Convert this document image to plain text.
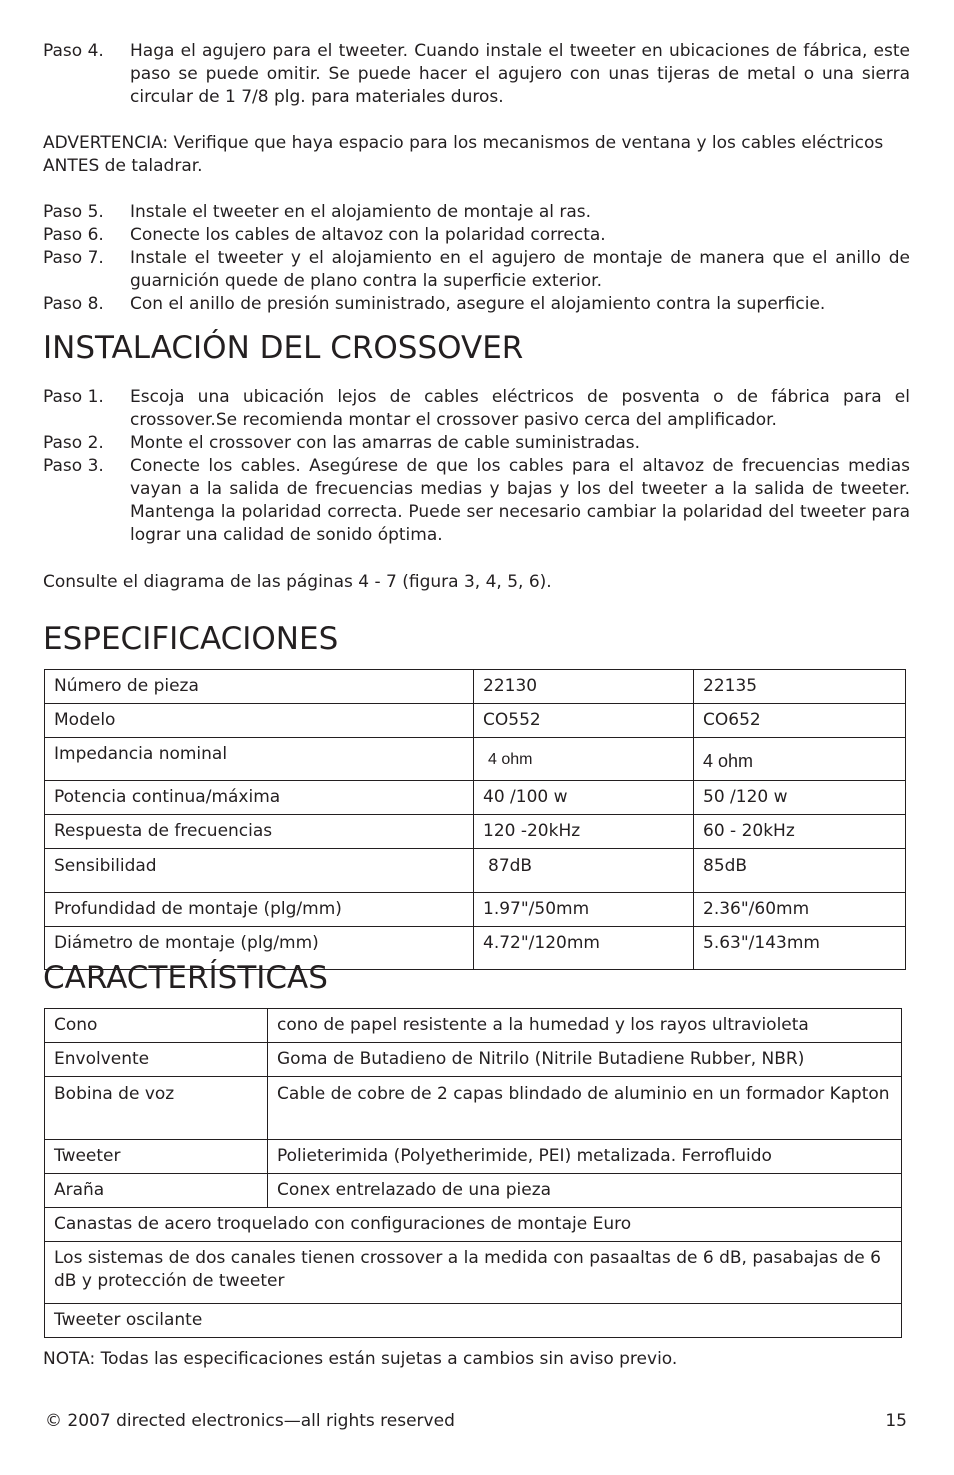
Paso 4.	Haga el agujero para el tweeter. Cuando instale el tweeter en ubicaciones de fábrica, este paso se puede omitir. Se puede hacer el agujero con unas tijeras de metal o una sierra circular de 1 7/8 plg. para materiales duros.

ADVERTENCIA: Verifique que haya espacio para los mecanismos de ventana y los cables eléctricos ANTES de taladrar.

Paso 5.	Instale el tweeter en el alojamiento de montaje al ras.
Paso 6.	Conecte los cables de altavoz con la polaridad correcta.
Paso 7.	Instale el tweeter y el alojamiento en el agujero de montaje de manera que el anillo de guarnición quede de plano contra la superficie exterior.
Paso 8.	Con el anillo de presión suministrado, asegure el alojamiento contra la superficie.
INSTALACIÓN DEL CROSSOVER
Paso 1.	Escoja una ubicación lejos de cables eléctricos de posventa o de fábrica para el crossover.Se recomienda montar el crossover pasivo cerca del amplificador.
Paso 2.	Monte el crossover con las amarras de cable suministradas.
Paso 3.	Conecte los cables. Asegúrese de que los cables para el altavoz de frecuencias medias vayan a la salida de frecuencias medias y bajas y los del tweeter a la salida de tweeter. Mantenga la polaridad correcta. Puede ser necesario cambiar la polaridad del tweeter para lograr una calidad de sonido óptima.

Consulte el diagrama de las páginas 4 - 7 (figura 3, 4, 5, 6).

ESPECIFICACIONES
Número de pieza	22130	22135
Modelo	CO552	CO652
Impedancia nominal	4 ohm	4 ohm
Potencia continua/máxima	40 /100 w	50 /120 w
Respuesta de frecuencias	120 -20kHz	60 - 20kHz
Sensibilidad	87dB	85dB
Profundidad de montaje (plg/mm)	1.97"/50mm	2.36"/60mm
Diámetro de montaje (plg/mm)	4.72"/120mm	5.63"/143mm
CARACTERÍSTICAS
Cono	cono de papel resistente a la humedad y los rayos ultravioleta
Envolvente	Goma de Butadieno de Nitrilo (Nitrile Butadiene Rubber, NBR)
Bobina de voz	Cable de cobre de 2 capas blindado de aluminio en un formador Kapton
Tweeter	Polieterimida (Polyetherimide, PEI) metalizada. Ferrofluido
Araña	Conex entrelazado de una pieza
Canastas de acero troquelado con configuraciones de montaje Euro	
Los sistemas de dos canales tienen crossover a la medida con pasaaltas de 6 dB, pasabajas de 6 dB y protección de tweeter	
Tweeter oscilante	

NOTA: Todas las especificaciones están sujetas a cambios sin aviso previo.

© 2007 directed electronics—all rights reserved	15
